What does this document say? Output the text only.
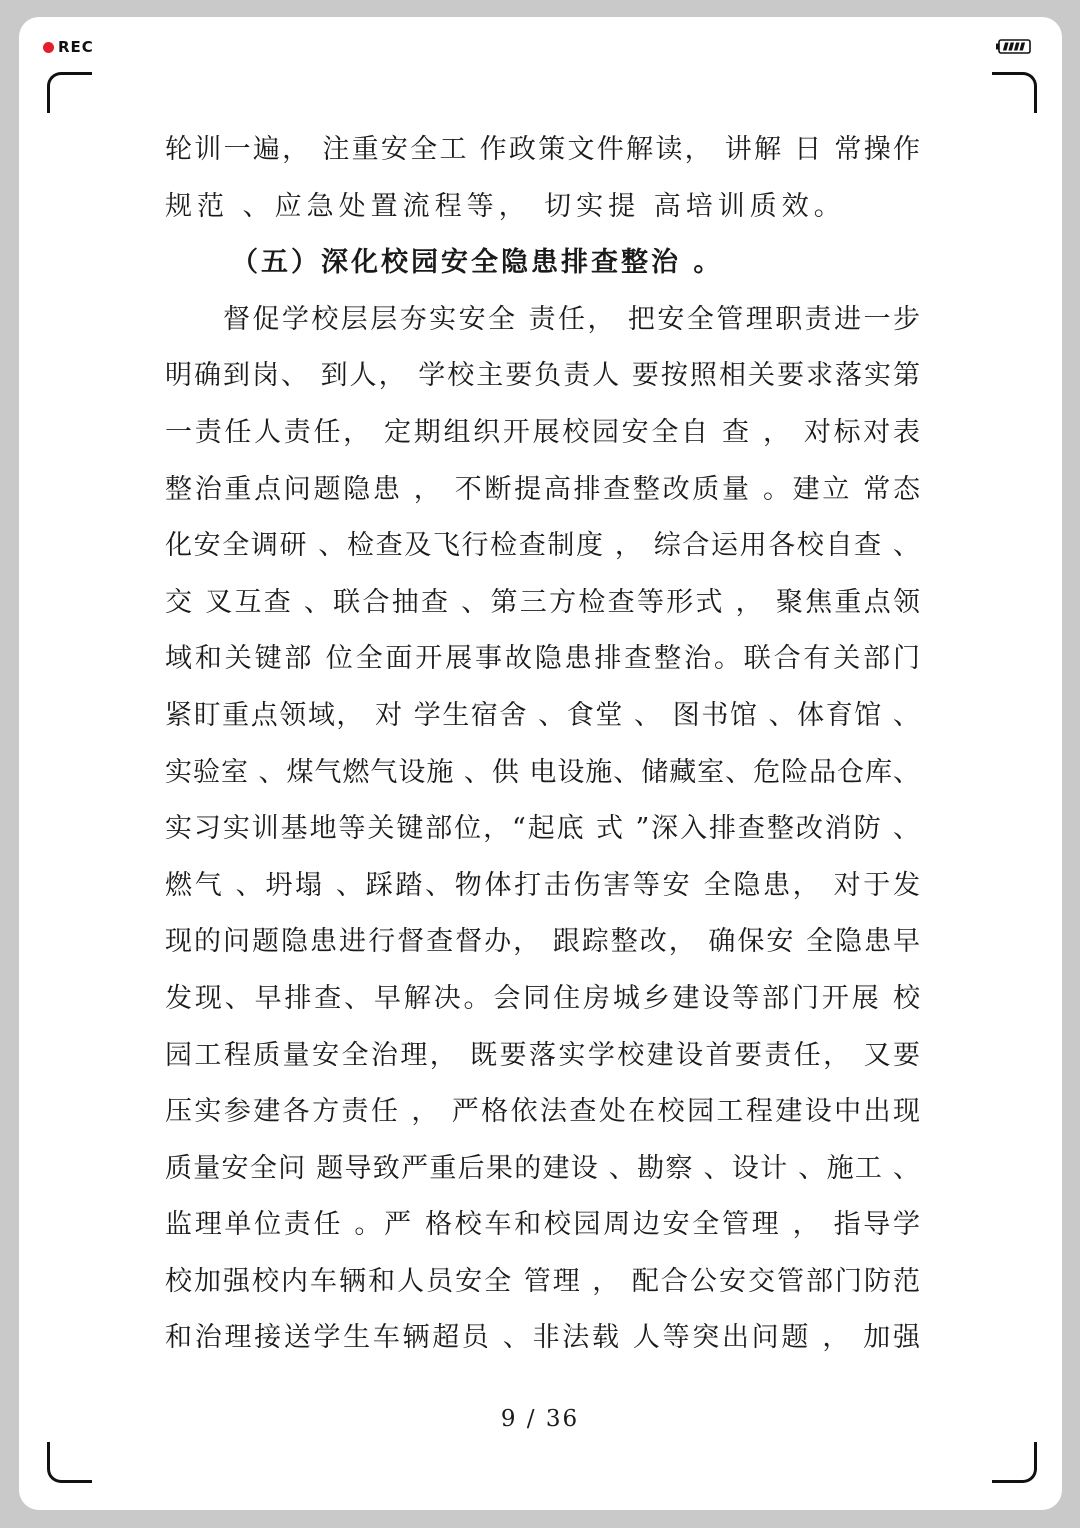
REC
轮训一遍， 注重安全工 作政策文件解读， 讲解 日 常操作
规范 、应急处置流程等， 切实提 高培训质效。
（五）深化校园安全隐患排查整治 。
督促学校层层夯实安全 责任， 把安全管理职责进一步
明确到岗、 到人， 学校主要负责人 要按照相关要求落实第
一责任人责任， 定期组织开展校园安全自 查 ， 对标对表
整治重点问题隐患 ， 不断提高排查整改质量 。建立 常态
化安全调研 、检查及飞行检查制度 ， 综合运用各校自查 、
交 叉互查 、联合抽查 、第三方检查等形式 ， 聚焦重点领
域和关键部 位全面开展事故隐患排查整治。联合有关部门
紧盯重点领域， 对 学生宿舍 、食堂 、 图书馆 、体育馆 、
实验室 、煤气燃气设施 、供 电设施、储藏室、危险品仓库、
实习实训基地等关键部位，“起底 式 ”深入排查整改消防 、
燃气 、坍塌 、踩踏、物体打击伤害等安 全隐患， 对于发
现的问题隐患进行督查督办， 跟踪整改， 确保安 全隐患早
发现、早排查、早解决。会同住房城乡建设等部门开展 校
园工程质量安全治理， 既要落实学校建设首要责任， 又要
压实参建各方责任 ， 严格依法查处在校园工程建设中出现
质量安全问 题导致严重后果的建设 、勘察 、设计 、施工 、
监理单位责任 。严 格校车和校园周边安全管理 ， 指导学
校加强校内车辆和人员安全 管理 ， 配合公安交管部门防范
和治理接送学生车辆超员 、非法载 人等突出问题 ， 加强
9 / 36
